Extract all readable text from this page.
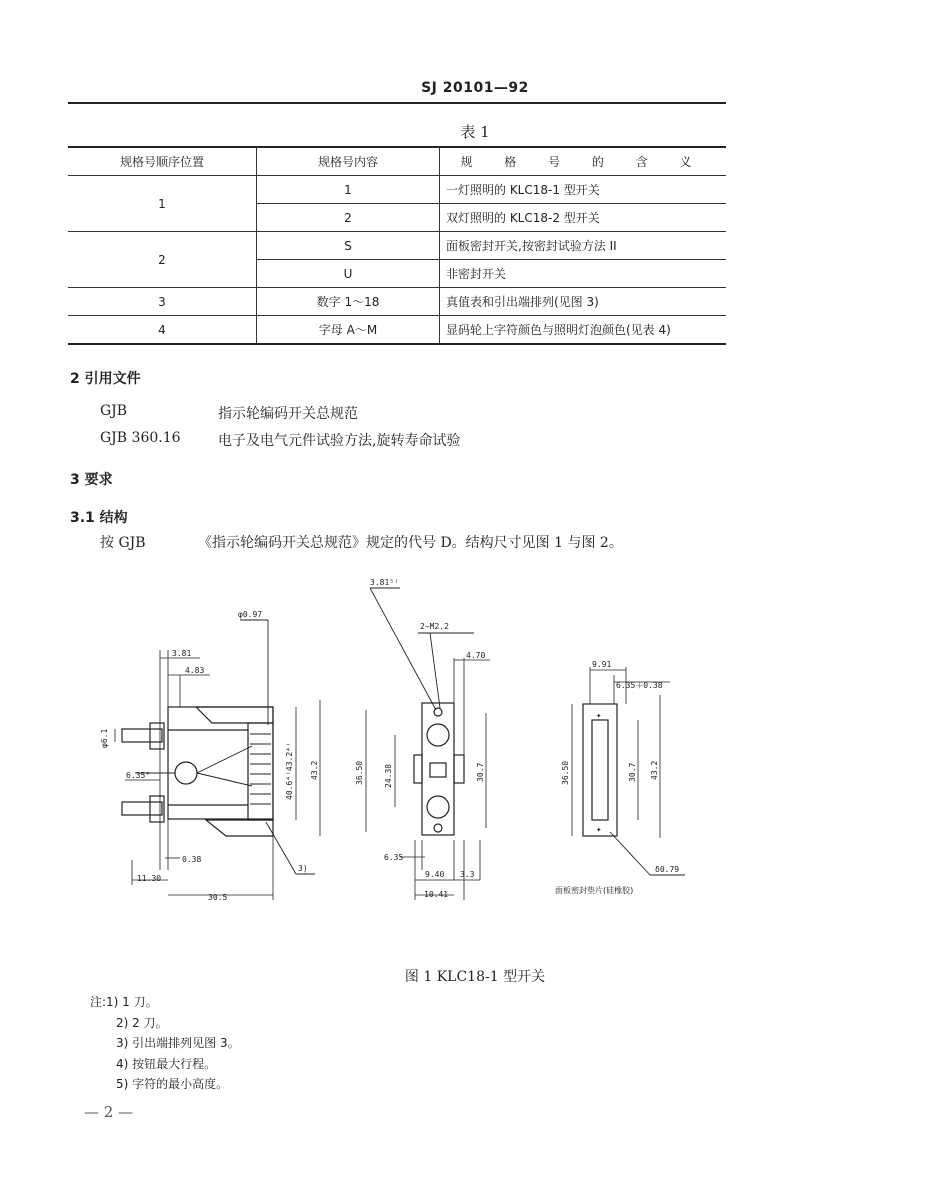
SJ 20101—92
表 1
规格号顺序位置	规格号内容	规 格 号 的 含 义
1	1	一灯照明的 KLC18-1 型开关
	2	双灯照明的 KLC18-2 型开关
2	S	面板密封开关,按密封试验方法 II
	U	非密封开关
3	数字 1～18	真值表和引出端排列(见图 3)
4	字母 A～M	显码轮上字符颜色与照明灯泡颜色(见表 4)
2 引用文件
GJB	指示轮编码开关总规范
GJB 360.16	电子及电气元件试验方法,旋转寿命试验
3 要求
3.1 结构
按 GJB	《指示轮编码开关总规范》规定的代号 D。结构尺寸见图 1 与图 2。
φ0.97
3.81
4.83
φ6.1
6.35°
0.38
11.30
30.5
40.6⁴⁾43.2⁴⁾ 43.2
3)
3.81⁵⁾
2—M2.2
4.70
36.50	24.38	30.7
6.35
9.40 3.3
10.41
✦
✦
9.91
6.35＋0.38
36.50	30.7 43.2
δ0.79
面板密封垫片(硅橡胶)
图 1 KLC18-1 型开关
注:1) 1 刀。
2) 2 刀。
3) 引出端排列见图 3。
4) 按钮最大行程。
5) 字符的最小高度。
— 2 —
